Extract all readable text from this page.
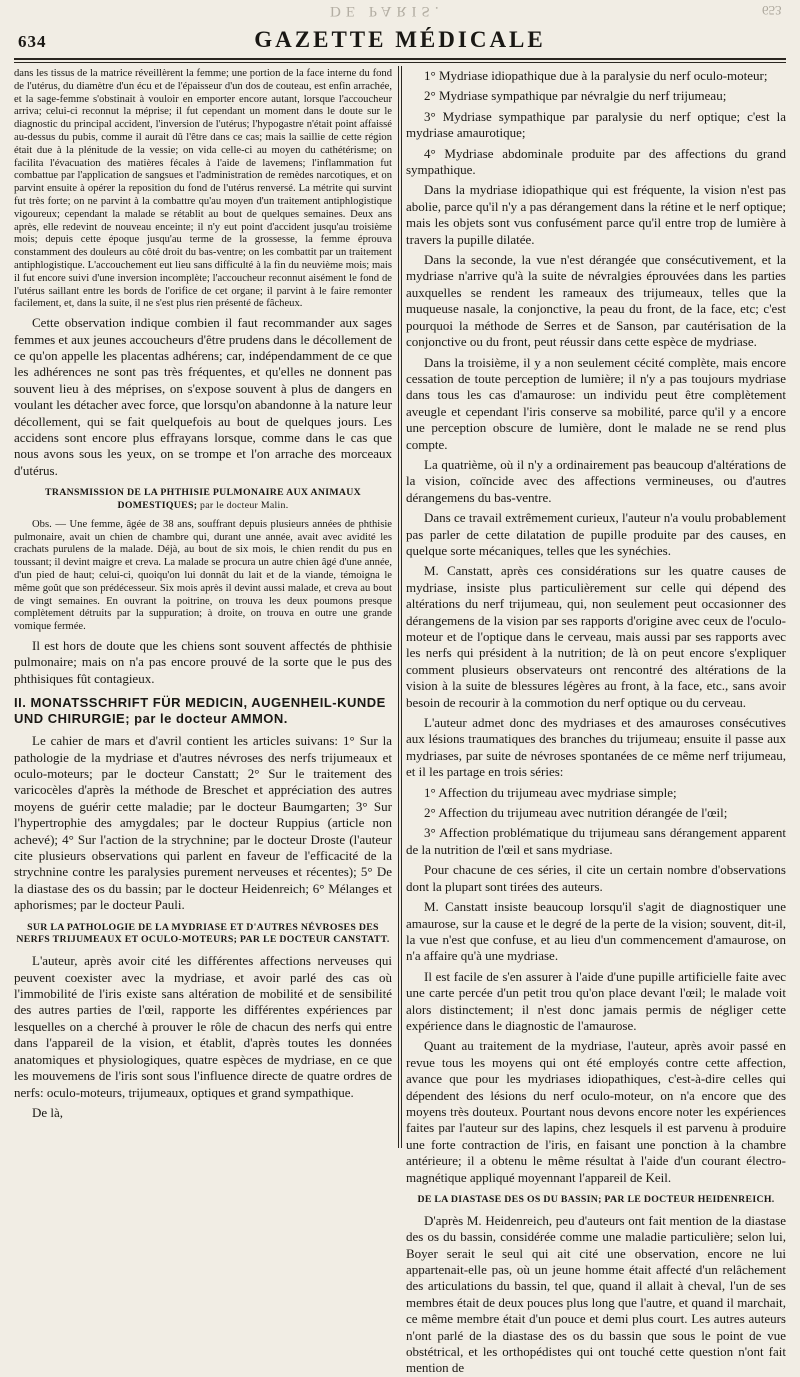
DE PARIS.	653
634	GAZETTE MÉDICALE

dans les tissus de la matrice réveillèrent la femme; une portion de la face interne du fond de l'utérus, du diamètre d'un écu et de l'épaisseur d'un dos de couteau, est enfin arrachée, et la sage-femme s'obstinait à vouloir en emporter encore autant, lorsque l'accoucheur arriva; celui-ci reconnut la méprise; il fut cependant un moment dans le doute sur le diagnostic du principal accident, l'inversion de l'utérus; l'hypogastre n'était point affaissé au-dessus du pubis, comme il aurait dû l'être dans ce cas; mais la saillie de cette région était due à la plénitude de la vessie; on vida celle-ci au moyen du cathétérisme; on facilita l'évacuation des matières fécales à l'aide de lavemens; l'inflammation fut combattue par l'application de sangsues et l'administration de remèdes narcotiques, et on parvint ensuite à opérer la reposition du fond de l'utérus renversé. La métrite qui survint fut très forte; on ne parvint à la combattre qu'au moyen d'un traitement antiphlogistique vigoureux; cependant la malade se rétablit au bout de quelques semaines. Deux ans après, elle redevint de nouveau enceinte; il n'y eut point d'accident jusqu'au troisième mois; depuis cette époque jusqu'au terme de la grossesse, la femme éprouva constamment des douleurs au côté droit du bas-ventre; on les combattit par un traitement antiphlogistique. L'accouchement eut lieu sans difficulté à la fin du neuvième mois; mais il fut encore suivi d'une inversion incomplète; l'accoucheur reconnut aisément le fond de l'utérus saillant entre les bords de l'orifice de cet organe; il parvint à le faire remonter facilement, et, dans la suite, il ne s'est plus rien présenté de fâcheux.

Cette observation indique combien il faut recommander aux sages femmes et aux jeunes accoucheurs d'être prudens dans le décollement de ce qu'on appelle les placentas adhérens; car, indépendamment de ce que les adhérences ne sont pas très fréquentes, et qu'elles ne donnent pas souvent lieu à des méprises, on s'expose souvent à plus de dangers en voulant les détacher avec force, que lorsqu'on abandonne à la nature leur décollement, qui se fait quelquefois au bout de quelques jours. Les accidens sont encore plus effrayans lorsque, comme dans le cas que nous avons sous les yeux, on se trompe et l'on arrache des morceaux d'utérus.

TRANSMISSION DE LA PHTHISIE PULMONAIRE AUX ANIMAUX DOMESTIQUES; par le docteur Malin.

Obs. — Une femme, âgée de 38 ans, souffrant depuis plusieurs années de phthisie pulmonaire, avait un chien de chambre qui, durant une année, avait avec avidité les crachats purulens de la malade. Déjà, au bout de six mois, le chien rendit du pus en toussant; il devint maigre et creva. La malade se procura un autre chien âgé d'une année, d'un pied de haut; celui-ci, quoiqu'on lui donnât du lait et de la viande, témoigna le même goût que son prédécesseur. Six mois après il devint aussi malade, et creva au bout de vingt semaines. En ouvrant la poitrine, on trouva les deux poumons presque complètement détruits par la suppuration; à droite, on trouva en outre une grande vomique fermée.

Il est hors de doute que les chiens sont souvent affectés de phthisie pulmonaire; mais on n'a pas encore prouvé de la sorte que le pus des phthisiques fût contagieux.

II. MONATSSCHRIFT FÜR MEDICIN, AUGENHEIL-KUNDE UND CHIRURGIE; par le docteur AMMON.

Le cahier de mars et d'avril contient les articles suivans: 1° Sur la pathologie de la mydriase et d'autres névroses des nerfs trijumeaux et oculo-moteurs; par le docteur Canstatt; 2° Sur le traitement des varicocèles d'après la méthode de Breschet et appréciation des autres moyens de guérir cette maladie; par le docteur Baumgarten; 3° Sur l'hypertrophie des amygdales; par le docteur Ruppius (article non achevé); 4° Sur l'action de la strychnine; par le docteur Droste (l'auteur cite plusieurs observations qui parlent en faveur de l'efficacité de la strychnine contre les paralysies purement nerveuses et récentes); 5° De la diastase des os du bassin; par le docteur Heidenreich; 6° Mélanges et aphorismes; par le docteur Pauli.

SUR LA PATHOLOGIE DE LA MYDRIASE ET D'AUTRES NÉVROSES DES NERFS TRIJUMEAUX ET OCULO-MOTEURS; PAR LE DOCTEUR CANSTATT.

L'auteur, après avoir cité les différentes affections nerveuses qui peuvent coexister avec la mydriase, et avoir parlé des cas où l'immobilité de l'iris existe sans altération de mobilité et de sensibilité des autres parties de l'œil, rapporte les différentes expériences par lesquelles on a cherché à prouver le rôle de chacun des nerfs qui entre dans l'appareil de la vision, et établit, d'après toutes les données anatomiques et physiologiques, quatre espèces de mydriase, en ce que les mouvemens de l'iris sont sous l'influence directe de quatre ordres de nerfs: oculo-moteurs, trijumeaux, optiques et grand sympathique.

De là,

1° Mydriase idiopathique due à la paralysie du nerf oculo-moteur;

2° Mydriase sympathique par névralgie du nerf trijumeau;

3° Mydriase sympathique par paralysie du nerf optique; c'est la mydriase amaurotique;

4° Mydriase abdominale produite par des affections du grand sympathique.

Dans la mydriase idiopathique qui est fréquente, la vision n'est pas abolie, parce qu'il n'y a pas dérangement dans la rétine et le nerf optique; mais les objets sont vus confusément parce qu'il entre trop de lumière à travers la pupille dilatée.

Dans la seconde, la vue n'est dérangée que consécutivement, et la mydriase n'arrive qu'à la suite de névralgies éprouvées dans les parties auxquelles se rendent les rameaux des trijumeaux, telles que la muqueuse nasale, la conjonctive, la peau du front, de la face, etc; c'est pourquoi la méthode de Serres et de Sanson, par cautérisation de la conjonctive ou du front, peut réussir dans cette espèce de mydriase.

Dans la troisième, il y a non seulement cécité complète, mais encore cessation de toute perception de lumière; il n'y a pas toujours mydriase dans tous les cas d'amaurose: un individu peut être complètement aveugle et cependant l'iris conserve sa mobilité, parce qu'il y a encore une perception obscure de lumière, dont le malade ne se rend plus compte.

La quatrième, où il n'y a ordinairement pas beaucoup d'altérations de la vision, coïncide avec des affections vermineuses, ou d'autres dérangemens du bas-ventre.

Dans ce travail extrêmement curieux, l'auteur n'a voulu probablement pas parler de cette dilatation de pupille produite par des causes, en quelque sorte mécaniques, telles que les synéchies.

M. Canstatt, après ces considérations sur les quatre causes de mydriase, insiste plus particulièrement sur celle qui dépend des altérations du nerf trijumeau, qui, non seulement peut occasionner des dérangemens de la vision par ses rapports d'origine avec ceux de l'oculo-moteur et de l'optique dans le cerveau, mais aussi par ses rapports avec les nerfs qui président à la nutrition; de là on peut encore s'expliquer comment plusieurs observateurs ont rencontré des altérations de la vision à la suite de blessures légères au front, à la face, etc., sans avoir besoin de recourir à la commotion du nerf optique ou du cerveau.

L'auteur admet donc des mydriases et des amauroses consécutives aux lésions traumatiques des branches du trijumeau; ensuite il passe aux mydriases, par suite de névroses spontanées de ce même nerf trijumeau, et il les partage en trois séries:

1° Affection du trijumeau avec mydriase simple;

2° Affection du trijumeau avec nutrition dérangée de l'œil;

3° Affection problématique du trijumeau sans dérangement apparent de la nutrition de l'œil et sans mydriase.

Pour chacune de ces séries, il cite un certain nombre d'observations dont la plupart sont tirées des auteurs.

M. Canstatt insiste beaucoup lorsqu'il s'agit de diagnostiquer une amaurose, sur la cause et le degré de la perte de la vision; souvent, dit-il, la vue n'est que confuse, et au lieu d'un commencement d'amaurose, on n'a affaire qu'à une mydriase.

Il est facile de s'en assurer à l'aide d'une pupille artificielle faite avec une carte percée d'un petit trou qu'on place devant l'œil; le malade voit alors distinctement; il n'est donc jamais permis de négliger cette expérience dans le diagnostic de l'amaurose.

Quant au traitement de la mydriase, l'auteur, après avoir passé en revue tous les moyens qui ont été employés contre cette affection, avance que pour les mydriases idiopathiques, c'est-à-dire celles qui dépendent des lésions du nerf oculo-moteur, on n'a encore que des moyens très douteux. Pourtant nous devons encore noter les expériences faites par l'auteur sur des lapins, chez lesquels il est parvenu à produire une forte contraction de l'iris, en faisant une ponction à la chambre antérieure; il a obtenu le même résultat à l'aide d'un courant électro-magnétique appliqué moyennant l'appareil de Keil.

DE LA DIASTASE DES OS DU BASSIN; PAR LE DOCTEUR HEIDENREICH.

D'après M. Heidenreich, peu d'auteurs ont fait mention de la diastase des os du bassin, considérée comme une maladie particulière; selon lui, Boyer serait le seul qui ait cité une observation, encore ne lui appartenait-elle pas, où un jeune homme était affecté d'un relâchement des articulations du bassin, tel que, quand il allait à cheval, l'un de ses membres était de deux pouces plus long que l'autre, et quand il marchait, ce même membre était d'un pouce et demi plus court. Les autres auteurs n'ont parlé de la diastase des os du bassin que sous le point de vue obstétrical, et les orthopédistes qui ont touché cette question n'ont fait mention de
